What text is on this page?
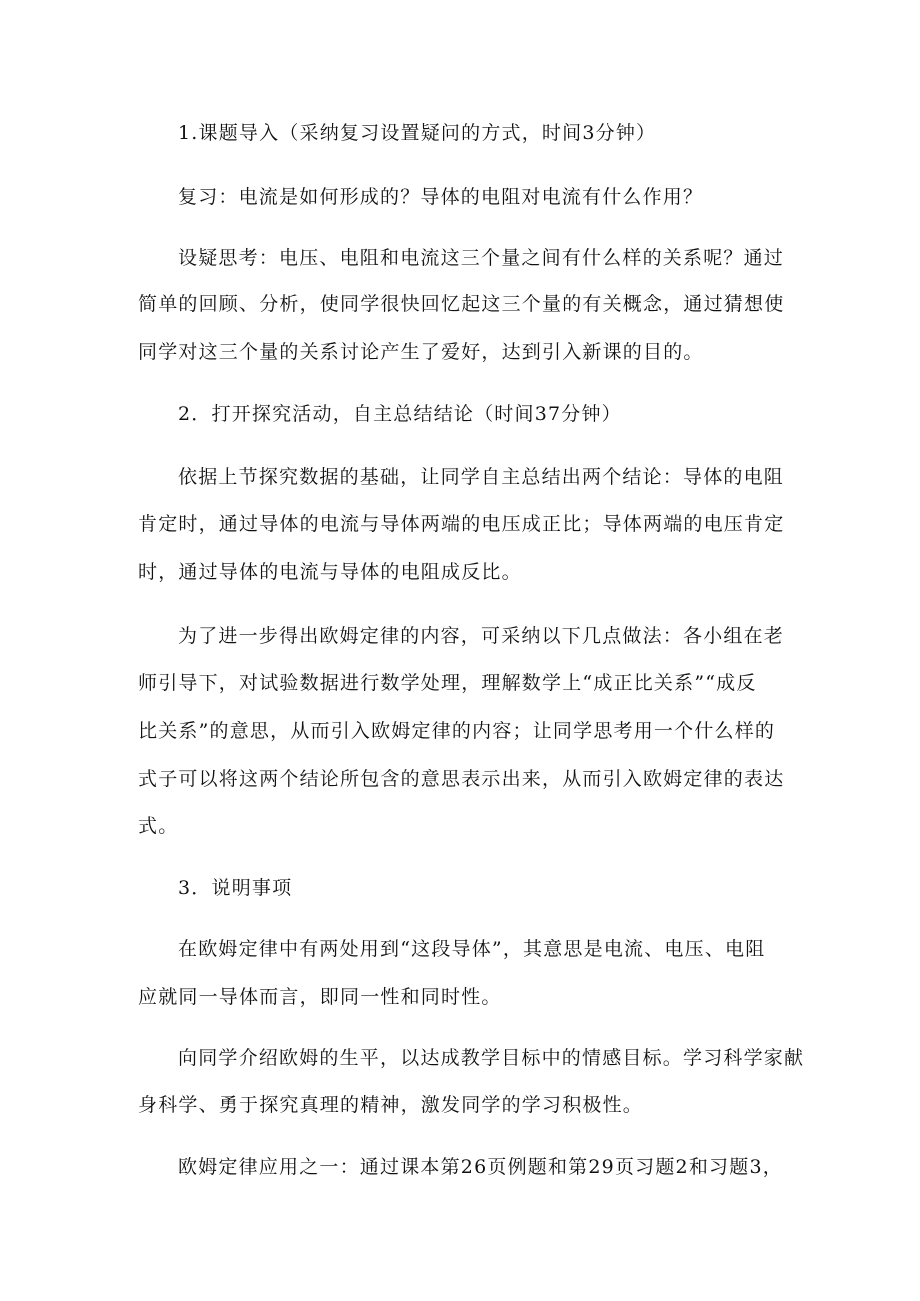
1.课题导入（采纳复习设置疑问的方式，时间3分钟）
复习：电流是如何形成的？导体的电阻对电流有什么作用？
设疑思考：电压、电阻和电流这三个量之间有什么样的关系呢？通过
简单的回顾、分析，使同学很快回忆起这三个量的有关概念，通过猜想使
同学对这三个量的关系讨论产生了爱好，达到引入新课的目的。
2．打开探究活动，自主总结结论（时间37分钟）
依据上节探究数据的基础，让同学自主总结出两个结论：导体的电阻
肯定时，通过导体的电流与导体两端的电压成正比；导体两端的电压肯定
时，通过导体的电流与导体的电阻成反比。
为了进一步得出欧姆定律的内容，可采纳以下几点做法：各小组在老
师引导下，对试验数据进行数学处理，理解数学上“成正比关系”“成反
比关系”的意思，从而引入欧姆定律的内容；让同学思考用一个什么样的
式子可以将这两个结论所包含的意思表示出来，从而引入欧姆定律的表达
式。
3．说明事项
在欧姆定律中有两处用到“这段导体”，其意思是电流、电压、电阻
应就同一导体而言，即同一性和同时性。
向同学介绍欧姆的生平，以达成教学目标中的情感目标。学习科学家献
身科学、勇于探究真理的精神，激发同学的学习积极性。
欧姆定律应用之一：通过课本第26页例题和第29页习题2和习题3，
